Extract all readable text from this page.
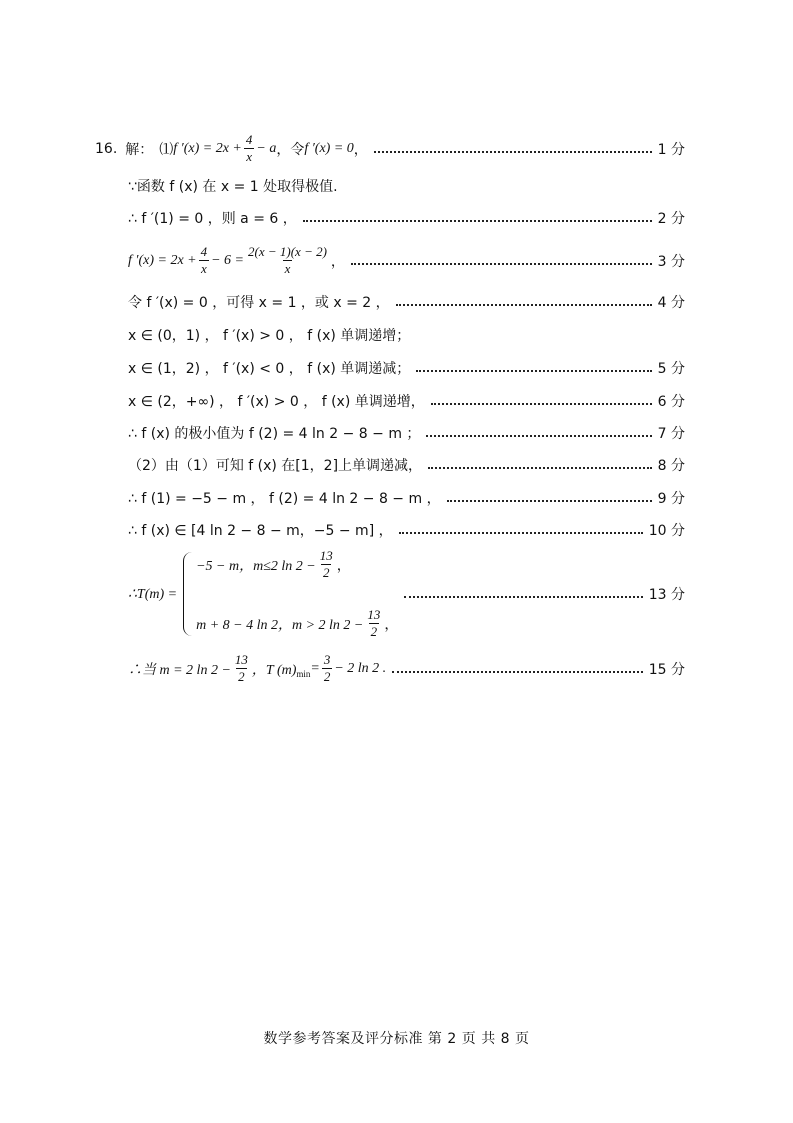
16. 解： ⑴ f $'(x) = 2x + \frac{4}{x} - a$ ，令 f ′(x) = 0 ，	1 分
∵函数 f (x) 在 x = 1 处取得极值.
∴ f ′(1) = 0 ，则 a = 6 ，	2 分
f $'(x) = 2x + \frac{4}{x} - 6 = \frac{2(x - 1)(x - 2)}{x}$ ，	3 分
令 f ′(x) = 0 ，可得 x = 1 ，或 x = 2 ，	4 分
x ∈ (0，1) ， f ′(x) > 0 ， f (x) 单调递增；
x ∈ (1，2) ， f ′(x) < 0 ， f (x) 单调递减；	5 分
x ∈ (2，+∞) ， f ′(x) > 0 ， f (x) 单调递增，	6 分
∴ f (x) 的极小值为 f (2) = 4 ln 2 − 8 − m ；	7 分
（2）由（1）可知 f (x) 在[1，2]上单调递减，	8 分
∴ f (1) = −5 − m ， f (2) = 4 ln 2 − 8 − m ，	9 分
∴ f (x) ∈ [4 ln 2 − 8 − m，−5 − m] ，	10 分
∴T(m) =
−5 − m，m≤2 $\ln 2 - \frac{13}{2}$ ，
m + 8 − 4 ln 2，m > 2 $\ln 2 - \frac{13}{2}$ ，
13 分
∴当 m = 2 $\ln 2 - \frac{13}{2}$ ，T (m) $\min = \frac{3}{2} - 2$ ln 2 .	15 分
数学参考答案及评分标准 第 2 页 共 8 页
